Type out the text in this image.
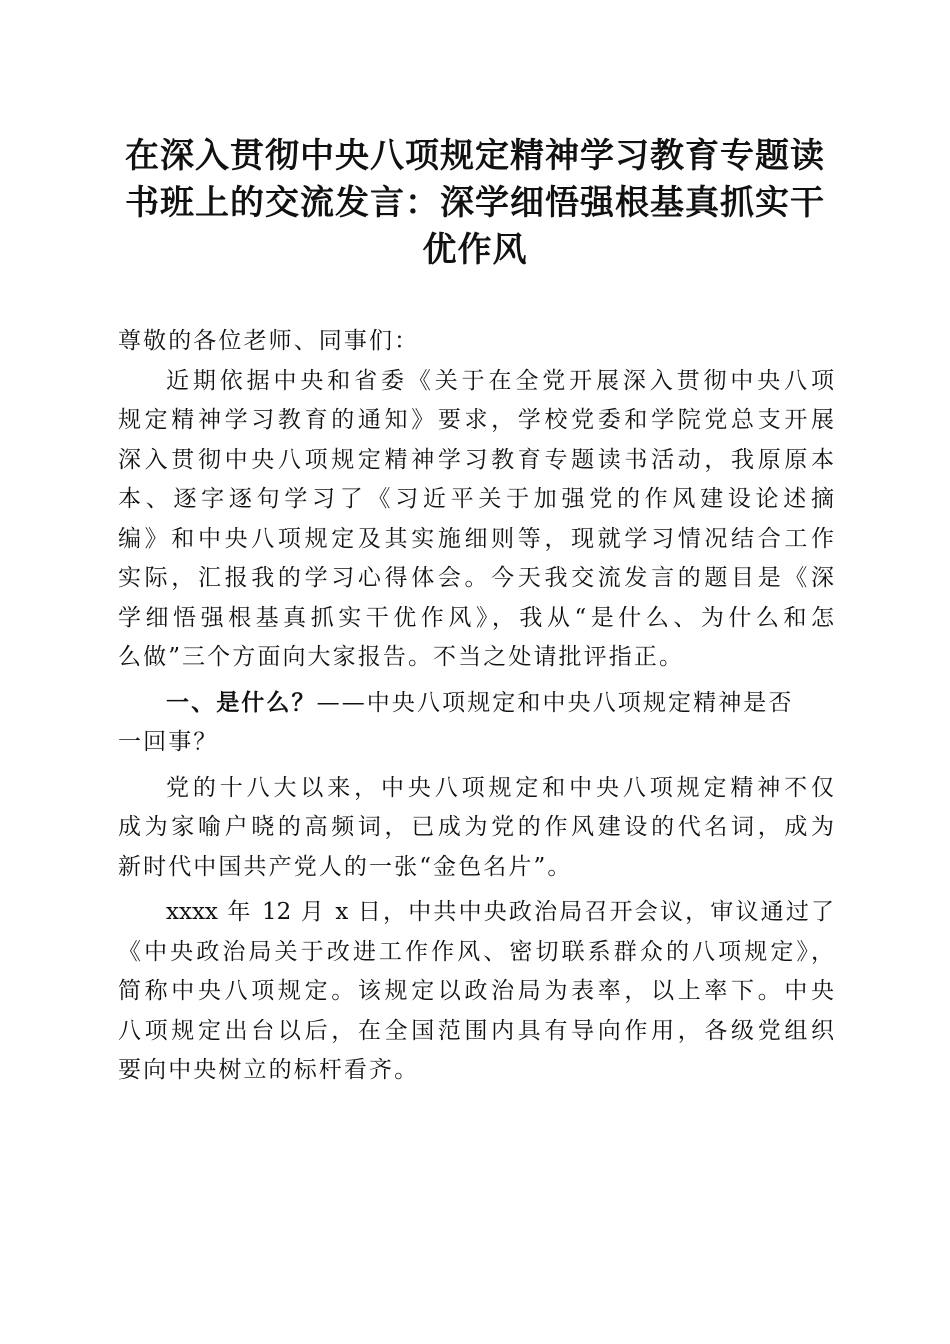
在深入贯彻中央八项规定精神学习教育专题读
书班上的交流发言：深学细悟强根基真抓实干
优作风
尊敬的各位老师、同事们：
近期依据中央和省委《关于在全党开展深入贯彻中央八项
规定精神学习教育的通知》要求，学校党委和学院党总支开展
深入贯彻中央八项规定精神学习教育专题读书活动，我原原本
本、逐字逐句学习了《习近平关于加强党的作风建设论述摘
编》和中央八项规定及其实施细则等，现就学习情况结合工作
实际，汇报我的学习心得体会。今天我交流发言的题目是《深
学细悟强根基真抓实干优作风》，我从“是什么、为什么和怎
么做”三个方面向大家报告。不当之处请批评指正。
一、是什么？——中央八项规定和中央八项规定精神是否
一回事？
党的十八大以来，中央八项规定和中央八项规定精神不仅
成为家喻户晓的高频词，已成为党的作风建设的代名词，成为
新时代中国共产党人的一张“金色名片”。
xxxx 年 12 月 x 日，中共中央政治局召开会议，审议通过了
《中央政治局关于改进工作作风、密切联系群众的八项规定》，
简称中央八项规定。该规定以政治局为表率，以上率下。中央
八项规定出台以后，在全国范围内具有导向作用，各级党组织
要向中央树立的标杆看齐。
